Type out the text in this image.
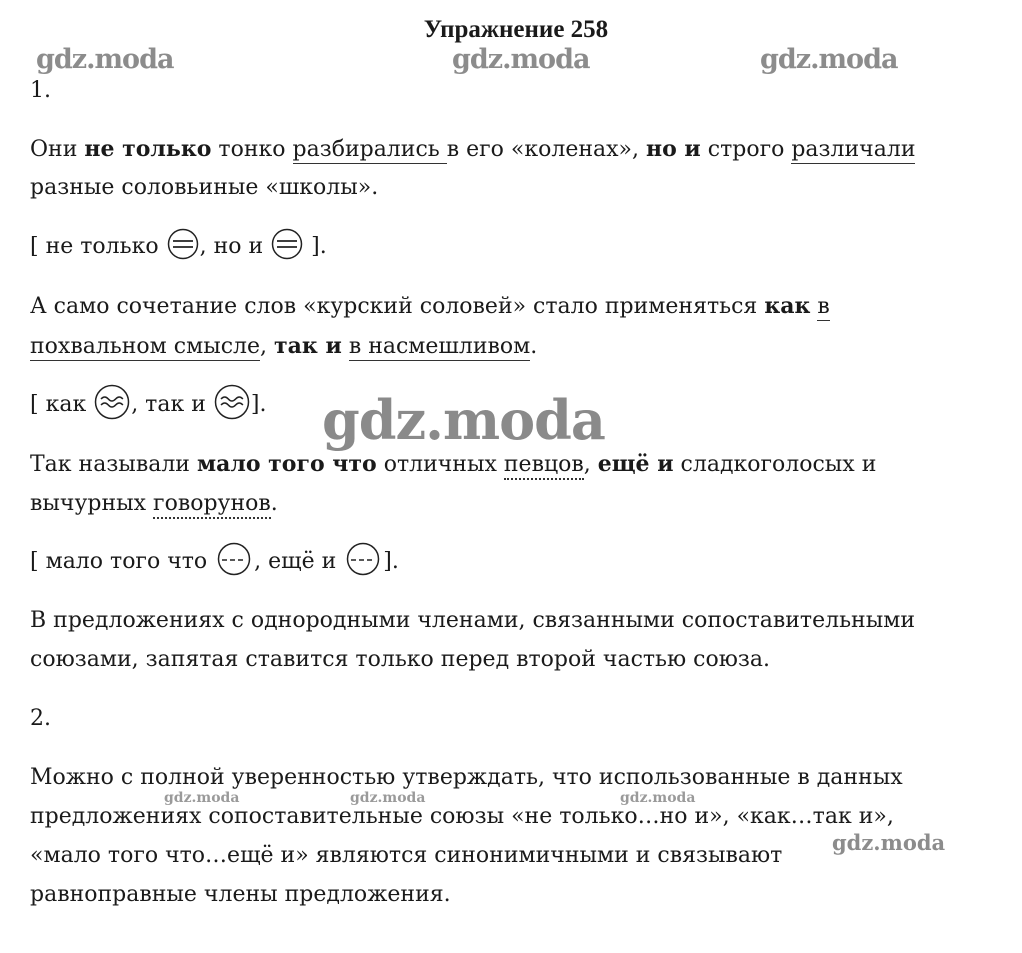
Упражнение 258
gdz.moda	gdz.moda	gdz.moda
gdz.moda
gdz.moda	gdz.moda	gdz.moda
gdz.moda
1.
Они не только тонко разбирались в его «коленах», но и строго различали
разные соловьиные «школы».
[ не только , но и  ].
А само сочетание слов «курский соловей» стало применяться как в
похвальном смысле, так и в насмешливом.
[ как , так и ].
Так называли мало того что отличных певцов, ещё и сладкоголосых и
вычурных говорунов.
[ мало того что , ещё и ].
В предложениях с однородными членами, связанными сопоставительными
союзами, запятая ставится только перед второй частью союза.
2.
Можно с полной уверенностью утверждать, что использованные в данных
предложениях сопоставительные союзы «не только…но и», «как…так и»,
«мало того что…ещё и» являются синонимичными и связывают
равноправные члены предложения.
